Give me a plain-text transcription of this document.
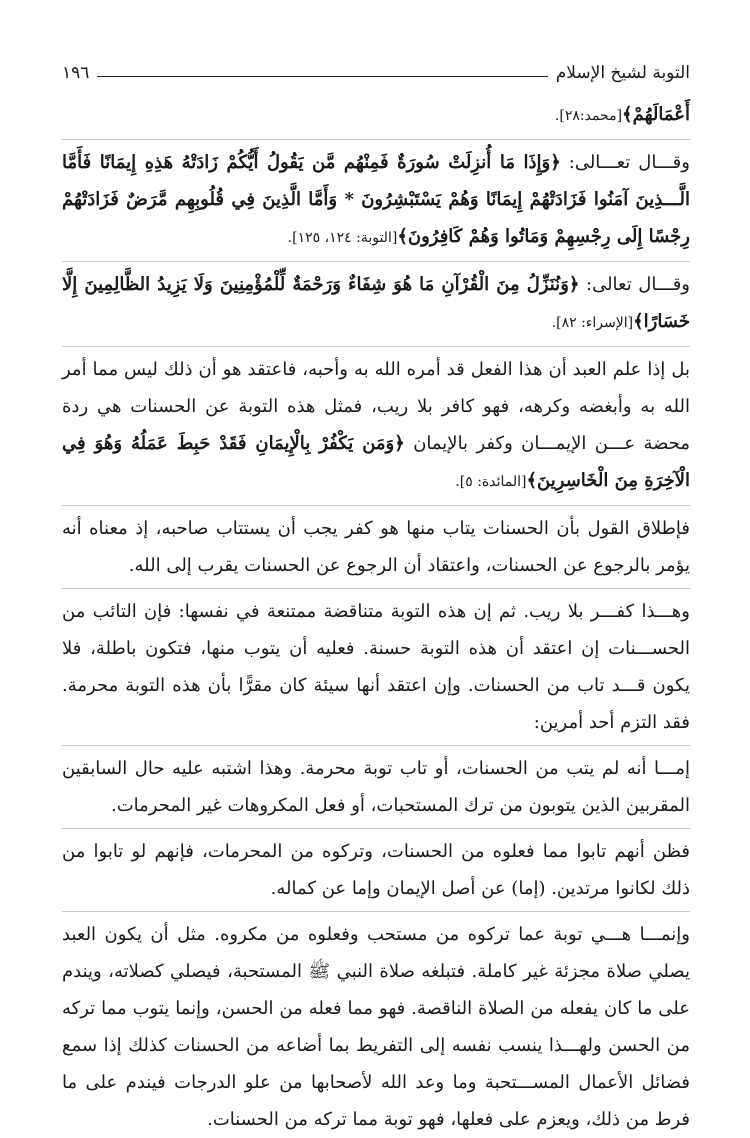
التوبة لشيخ الإسلام
١٩٦

أَعْمَالَهُمْ﴾[محمد:٢٨].

وقـــال تعـــالى: ﴿وَإِذَا مَا أُنزِلَتْ سُورَةٌ فَمِنْهُم مَّن يَقُولُ أَيُّكُمْ زَادَتْهُ هَذِهِ إِيمَانًا فَأَمَّا الَّـــذِينَ آمَنُوا فَزَادَتْهُمْ إِيمَانًا وَهُمْ يَسْتَبْشِرُونَ * وَأَمَّا الَّذِينَ فِي قُلُوبِهِم مَّرَضٌ فَزَادَتْهُمْ رِجْسًا إِلَى رِجْسِهِمْ وَمَاتُوا وَهُمْ كَافِرُونَ﴾[التوبة: ١٢٤، ١٢٥].

وقـــال تعالى: ﴿وَنُنَزِّلُ مِنَ الْقُرْآنِ مَا هُوَ شِفَاءٌ وَرَحْمَةٌ لِّلْمُؤْمِنِينَ وَلَا يَزِيدُ الظَّالِمِينَ إِلَّا خَسَارًا﴾[الإسراء: ٨٢].

بل إذا علم العبد أن هذا الفعل قد أمره الله به وأحبه، فاعتقد هو أن ذلك ليس مما أمر الله به وأبغضه وكرهه، فهو كافر بلا ريب، فمثل هذه التوبة عن الحسنات هي ردة محضة عـــن الإيمـــان وكفر بالإيمان ﴿وَمَن يَكْفُرْ بِالْإِيمَانِ فَقَدْ حَبِطَ عَمَلُهُ وَهُوَ فِي الْآخِرَةِ مِنَ الْخَاسِرِينَ﴾[المائدة: ٥].

فإطلاق القول بأن الحسنات يتاب منها هو كفر يجب أن يستتاب صاحبه، إذ معناه أنه يؤمر بالرجوع عن الحسنات، واعتقاد أن الرجوع عن الحسنات يقرب إلى الله.

وهـــذا كفـــر بلا ريب. ثم إن هذه التوبة متناقضة ممتنعة في نفسها: فإن التائب من الحســـنات إن اعتقد أن هذه التوبة حسنة. فعليه أن يتوب منها، فتكون باطلة، فلا يكون قـــد تاب من الحسنات. وإن اعتقد أنها سيئة كان مقرًّا بأن هذه التوبة محرمة. فقد التزم أحد أمرين:

إمـــا أنه لم يتب من الحسنات، أو تاب توبة محرمة. وهذا اشتبه عليه حال السابقين المقربين الذين يتوبون من ترك المستحبات، أو فعل المكروهات غير المحرمات.

فظن أنهم تابوا مما فعلوه من الحسنات، وتركوه من المحرمات، فإنهم لو تابوا من ذلك لكانوا مرتدين. (إما) عن أصل الإيمان وإما عن كماله.

وإنمـــا هـــي توبة عما تركوه من مستحب وفعلوه من مكروه. مثل أن يكون العبد يصلي صلاة مجزئة غير كاملة. فتبلغه صلاة النبي ﷺ المستحبة، فيصلي كصلاته، ويندم على ما كان يفعله من الصلاة الناقصة. فهو مما فعله من الحسن، وإنما يتوب مما تركه من الحسن ولهـــذا ينسب نفسه إلى التفريط بما أضاعه من الحسنات كذلك إذا سمع فضائل الأعمال المســـتحبة وما وعد الله لأصحابها من علو الدرجات فيندم على ما فرط من ذلك، ويعزم على فعلها، فهو توبة مما تركه من الحسنات.
